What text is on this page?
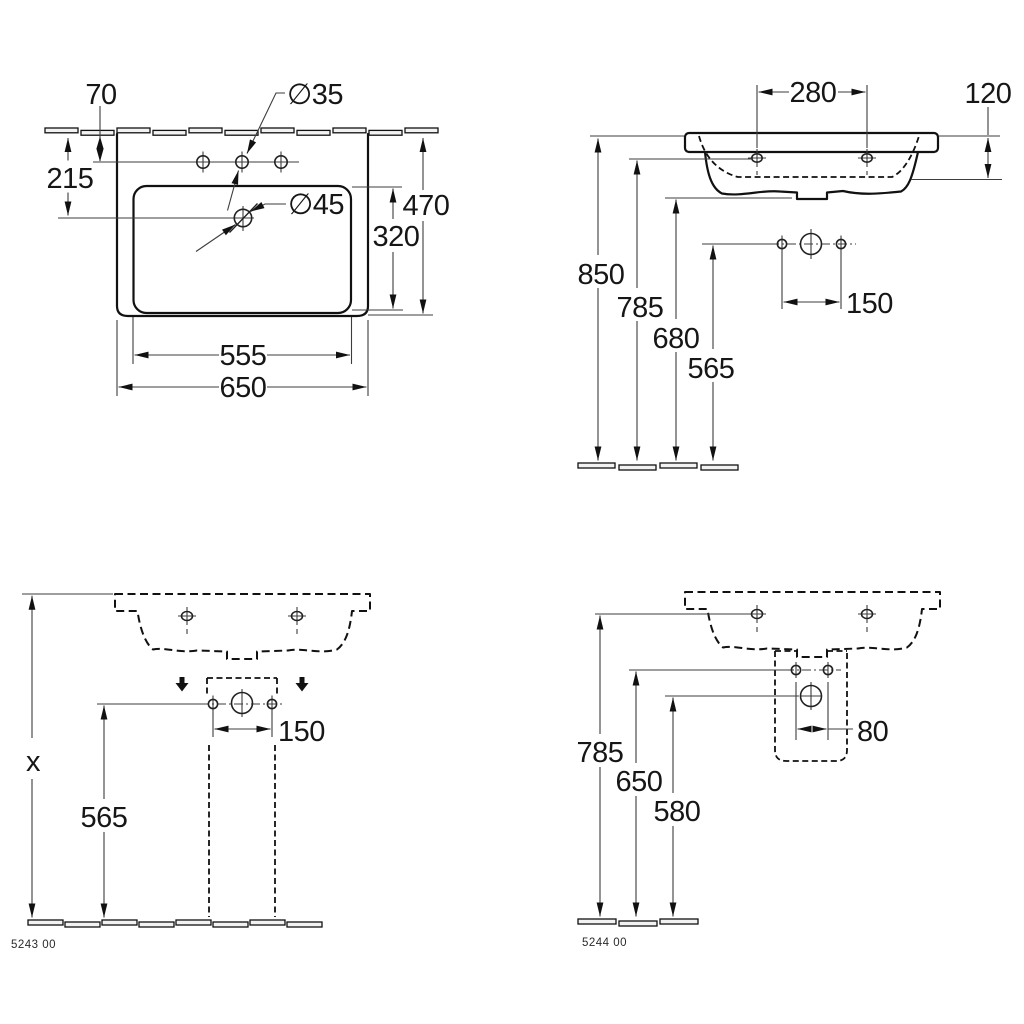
70
215
∅35
∅45 470
320
555
650
280	120
150
850
785
680
565
x
565
150
5243 00
80
785
650
580
5244 00
